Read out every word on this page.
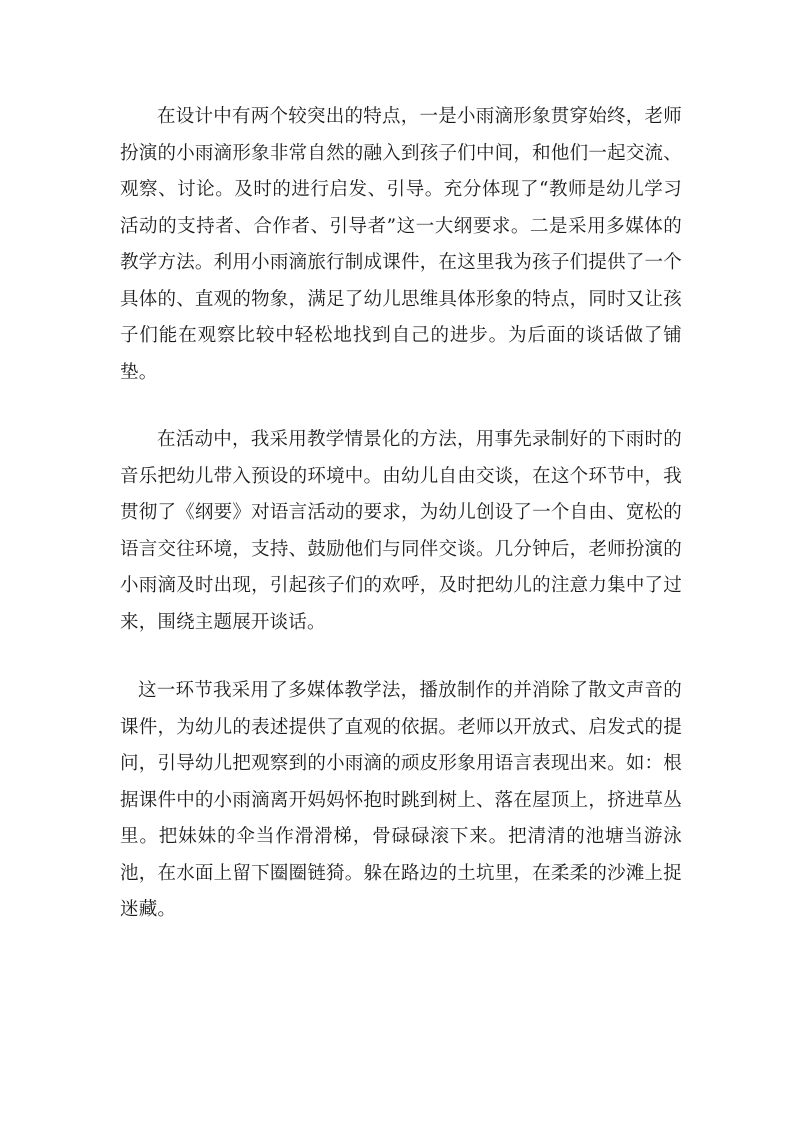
在设计中有两个较突出的特点，一是小雨滴形象贯穿始终，老师扮演的小雨滴形象非常自然的融入到孩子们中间，和他们一起交流、观察、讨论。及时的进行启发、引导。充分体现了“教师是幼儿学习活动的支持者、合作者、引导者”这一大纲要求。二是采用多媒体的教学方法。利用小雨滴旅行制成课件，在这里我为孩子们提供了一个具体的、直观的物象，满足了幼儿思维具体形象的特点，同时又让孩子们能在观察比较中轻松地找到自己的进步。为后面的谈话做了铺垫。

在活动中，我采用教学情景化的方法，用事先录制好的下雨时的音乐把幼儿带入预设的环境中。由幼儿自由交谈，在这个环节中，我贯彻了《纲要》对语言活动的要求，为幼儿创设了一个自由、宽松的语言交往环境，支持、鼓励他们与同伴交谈。几分钟后，老师扮演的小雨滴及时出现，引起孩子们的欢呼，及时把幼儿的注意力集中了过来，围绕主题展开谈话。

这一环节我采用了多媒体教学法，播放制作的并消除了散文声音的课件，为幼儿的表述提供了直观的依据。老师以开放式、启发式的提问，引导幼儿把观察到的小雨滴的顽皮形象用语言表现出来。如：根据课件中的小雨滴离开妈妈怀抱时跳到树上、落在屋顶上，挤进草丛里。把妹妹的伞当作滑滑梯，骨碌碌滚下来。把清清的池塘当游泳池，在水面上留下圈圈链猗。躲在路边的土坑里，在柔柔的沙滩上捉迷藏。
